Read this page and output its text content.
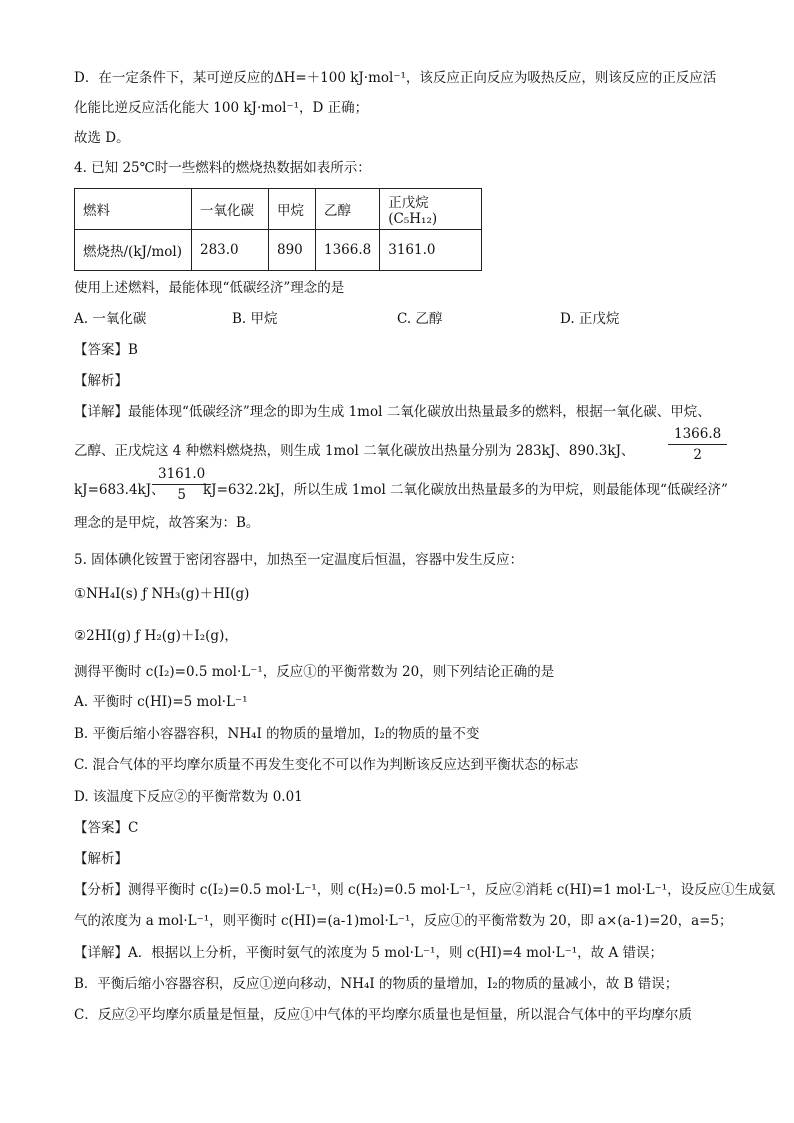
D．在一定条件下，某可逆反应的ΔH=＋100 kJ·mol⁻¹，该反应正向反应为吸热反应，则该反应的正反应活
化能比逆反应活化能大 100 kJ·mol⁻¹，D 正确；
故选 D。
4. 已知 25℃时一些燃料的燃烧热数据如表所示：
燃料	一氧化碳	甲烷	乙醇	正戊烷(C₅H₁₂)
燃烧热/(kJ/mol)	283.0	890	1366.8	3161.0
使用上述燃料，最能体现“低碳经济”理念的是
A. 一氧化碳	B. 甲烷	C. 乙醇	D. 正戊烷
【答案】B
【解析】
【详解】最能体现“低碳经济”理念的即为生成 1mol 二氧化碳放出热量最多的燃料，根据一氧化碳、甲烷、
乙醇、正戊烷这 4 种燃料燃烧热，则生成 1mol 二氧化碳放出热量分别为 283kJ、890.3kJ、 $\frac{1366.8}{2}$
kJ=683.4kJ、
$\frac{3161.0}{5}$
kJ=632.2kJ，所以生成 1mol 二氧化碳放出热量最多的为甲烷，则最能体现“低碳经济”
理念的是甲烷，故答案为：B。
5. 固体碘化铵置于密闭容器中，加热至一定温度后恒温，容器中发生反应：
①NH₄I(s) ƒ NH₃(g)＋HI(g)
②2HI(g) ƒ H₂(g)＋I₂(g)，
测得平衡时 c(I₂)=0.5 mol·L⁻¹，反应①的平衡常数为 20，则下列结论正确的是
A. 平衡时 c(HI)=5 mol·L⁻¹
B. 平衡后缩小容器容积，NH₄I 的物质的量增加，I₂的物质的量不变
C. 混合气体的平均摩尔质量不再发生变化不可以作为判断该反应达到平衡状态的标志
D. 该温度下反应②的平衡常数为 0.01
【答案】C
【解析】
【分析】测得平衡时 c(I₂)=0.5 mol·L⁻¹，则 c(H₂)=0.5 mol·L⁻¹，反应②消耗 c(HI)=1 mol·L⁻¹，设反应①生成氨
气的浓度为 a mol·L⁻¹，则平衡时 c(HI)=(a-1)mol·L⁻¹，反应①的平衡常数为 20，即 a×(a-1)=20，a=5；
【详解】A．根据以上分析，平衡时氨气的浓度为 5 mol·L⁻¹，则 c(HI)=4 mol·L⁻¹，故 A 错误；
B．平衡后缩小容器容积，反应①逆向移动，NH₄I 的物质的量增加，I₂的物质的量减小，故 B 错误；
C．反应②平均摩尔质量是恒量，反应①中气体的平均摩尔质量也是恒量，所以混合气体中的平均摩尔质
